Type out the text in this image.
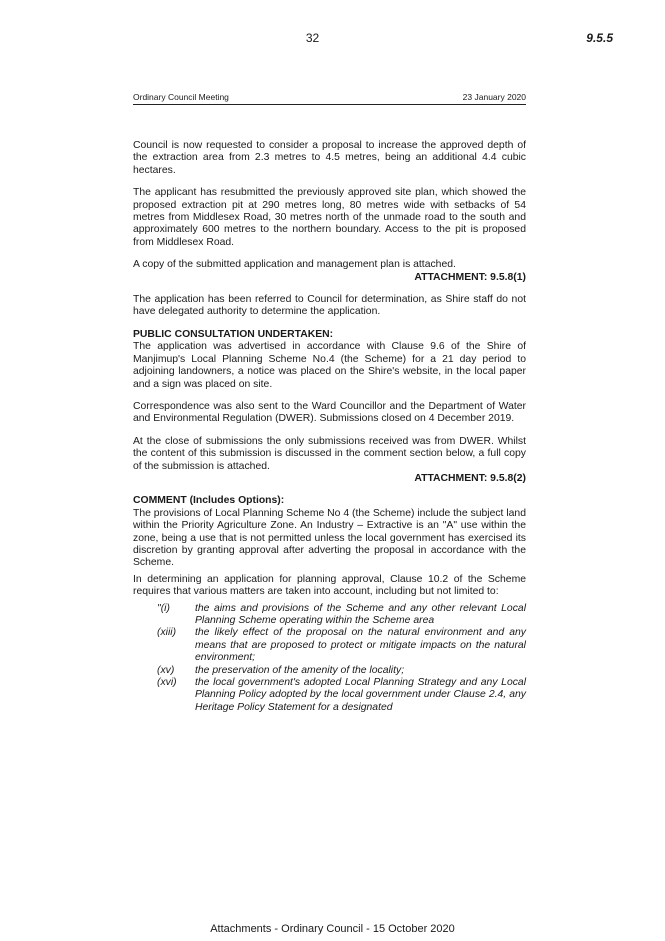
32	9.5.5
Ordinary Council Meeting	23 January 2020

Council is now requested to consider a proposal to increase the approved depth of the extraction area from 2.3 metres to 4.5 metres, being an additional 4.4 cubic hectares.

The applicant has resubmitted the previously approved site plan, which showed the proposed extraction pit at 290 metres long, 80 metres wide with setbacks of 54 metres from Middlesex Road, 30 metres north of the unmade road to the south and approximately 600 metres to the northern boundary. Access to the pit is proposed from Middlesex Road.

A copy of the submitted application and management plan is attached.

ATTACHMENT: 9.5.8(1)

The application has been referred to Council for determination, as Shire staff do not have delegated authority to determine the application.

PUBLIC CONSULTATION UNDERTAKEN:

The application was advertised in accordance with Clause 9.6 of the Shire of Manjimup's Local Planning Scheme No.4 (the Scheme) for a 21 day period to adjoining landowners, a notice was placed on the Shire's website, in the local paper and a sign was placed on site.

Correspondence was also sent to the Ward Councillor and the Department of Water and Environmental Regulation (DWER). Submissions closed on 4 December 2019.

At the close of submissions the only submissions received was from DWER. Whilst the content of this submission is discussed in the comment section below, a full copy of the submission is attached.

ATTACHMENT: 9.5.8(2)
COMMENT (Includes Options):

The provisions of Local Planning Scheme No 4 (the Scheme) include the subject land within the Priority Agriculture Zone. An Industry – Extractive is an "A" use within the zone, being a use that is not permitted unless the local government has exercised its discretion by granting approval after adverting the proposal in accordance with the Scheme.

In determining an application for planning approval, Clause 10.2 of the Scheme requires that various matters are taken into account, including but not limited to:

"(i)	the aims and provisions of the Scheme and any other relevant Local Planning Scheme operating within the Scheme area
(xiii)	the likely effect of the proposal on the natural environment and any means that are proposed to protect or mitigate impacts on the natural environment;
(xv)	the preservation of the amenity of the locality;
(xvi)	the local government's adopted Local Planning Strategy and any Local Planning Policy adopted by the local government under Clause 2.4, any Heritage Policy Statement for a designated
Attachments - Ordinary Council - 15 October 2020
